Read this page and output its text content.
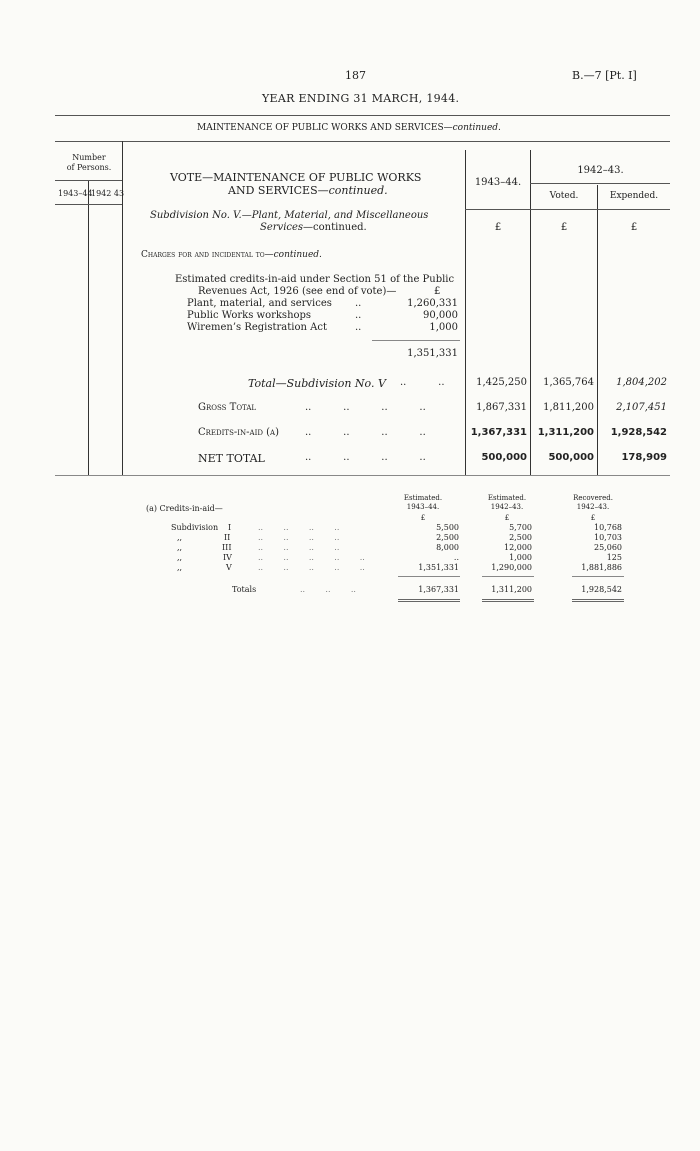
187	B.—7 [Pt. I]
YEAR ENDING 31 MARCH, 1944.
MAINTENANCE OF PUBLIC WORKS AND SERVICES—continued.
Number
of Persons.
1943–44
1942 43
VOTE—MAINTENANCE OF PUBLIC WORKS
AND SERVICES—continued.
1943–44.
1942–43.
Voted.	Expended.
£	£	£
Subdivision No. V.—Plant, Material, and Miscellaneous
Services—continued.
Charges for and incidental to—continued.
Estimated credits-in-aid under Section 51 of the Public
Revenues Act, 1926 (see end of vote)—	£
Plant, material, and services ..	1,260,331
Public Works workshops	..	90,000
Wiremen’s Registration Act	..	1,000
1,351,331
Total—Subdivision No. V ..          ..	1,425,250	1,365,764	1,804,202
Gross Total	..          ..          ..          ..	1,867,331	1,811,200	2,107,451
Credits-in-aid (a)	..          ..          ..          ..	1,367,331	1,311,200	1,928,542
NET TOTAL	..          ..          ..          ..	500,000	500,000	178,909
(a) Credits-in-aid—
Estimated.
1943–44.
Estimated.
1942–43.
Recovered.
1942–43.
£	£	£
Subdivision I	..        ..        ..        ..	5,500	5,700	10,768
,,	II	..        ..        ..        ..	2,500	2,500	10,703
,,	III	..        ..        ..        ..	8,000	12,000	25,060
,,	IV	..        ..        ..        ..        ..	..	1,000	125
,,	V	..        ..        ..        ..        ..	1,351,331	1,290,000	1,881,886
Totals	..        ..        ..	1,367,331	1,311,200	1,928,542
